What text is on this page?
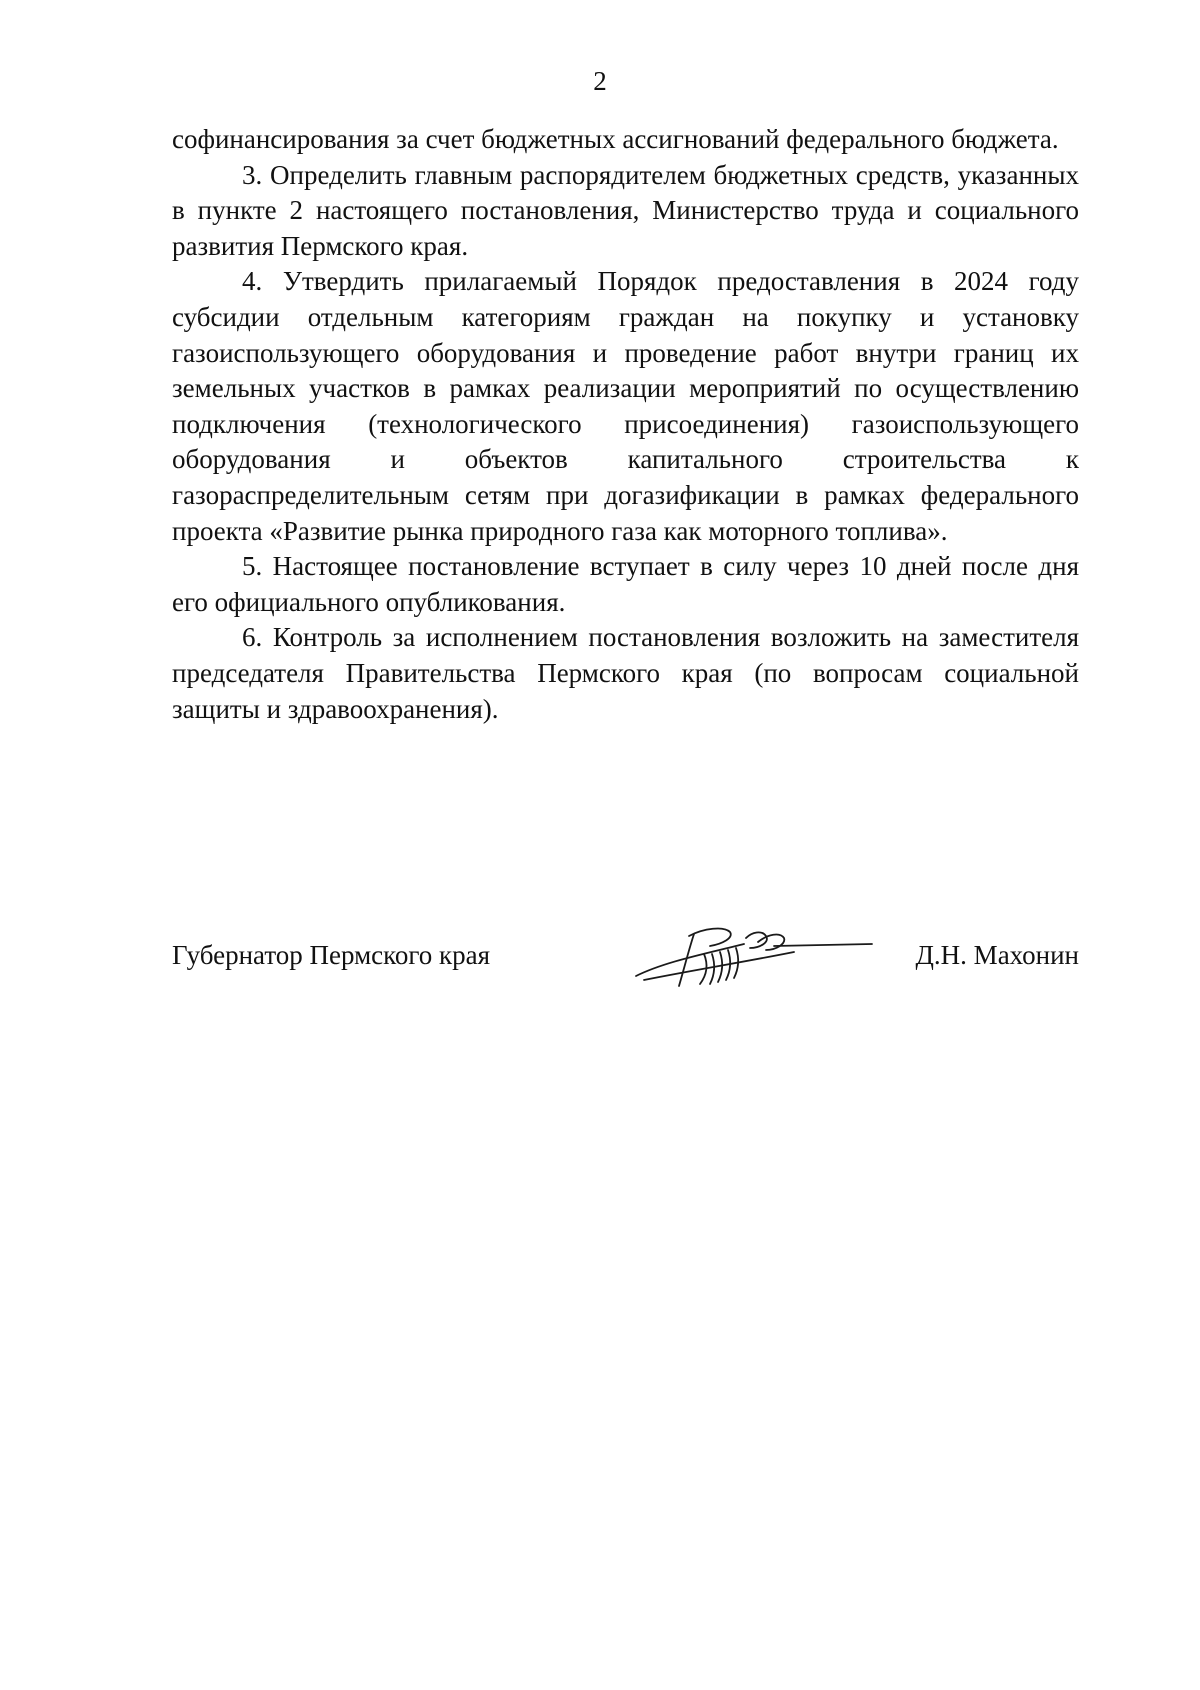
2

софинансирования за счет бюджетных ассигнований федерального бюджета.

3. Определить главным распорядителем бюджетных средств, указанных в пункте 2 настоящего постановления, Министерство труда и социального развития Пермского края.

4. Утвердить прилагаемый Порядок предоставления в 2024 году субсидии отдельным категориям граждан на покупку и установку газоиспользующего оборудования и проведение работ внутри границ их земельных участков в рамках реализации мероприятий по осуществлению подключения (технологического присоединения) газоиспользующего оборудования и объектов капитального строительства к газораспределительным сетям при догазификации в рамках федерального проекта «Развитие рынка природного газа как моторного топлива».

5. Настоящее постановление вступает в силу через 10 дней после дня его официального опубликования.

6. Контроль за исполнением постановления возложить на заместителя председателя Правительства Пермского края (по вопросам социальной защиты и здравоохранения).

Губернатор Пермского края	Д.Н. Махонин
